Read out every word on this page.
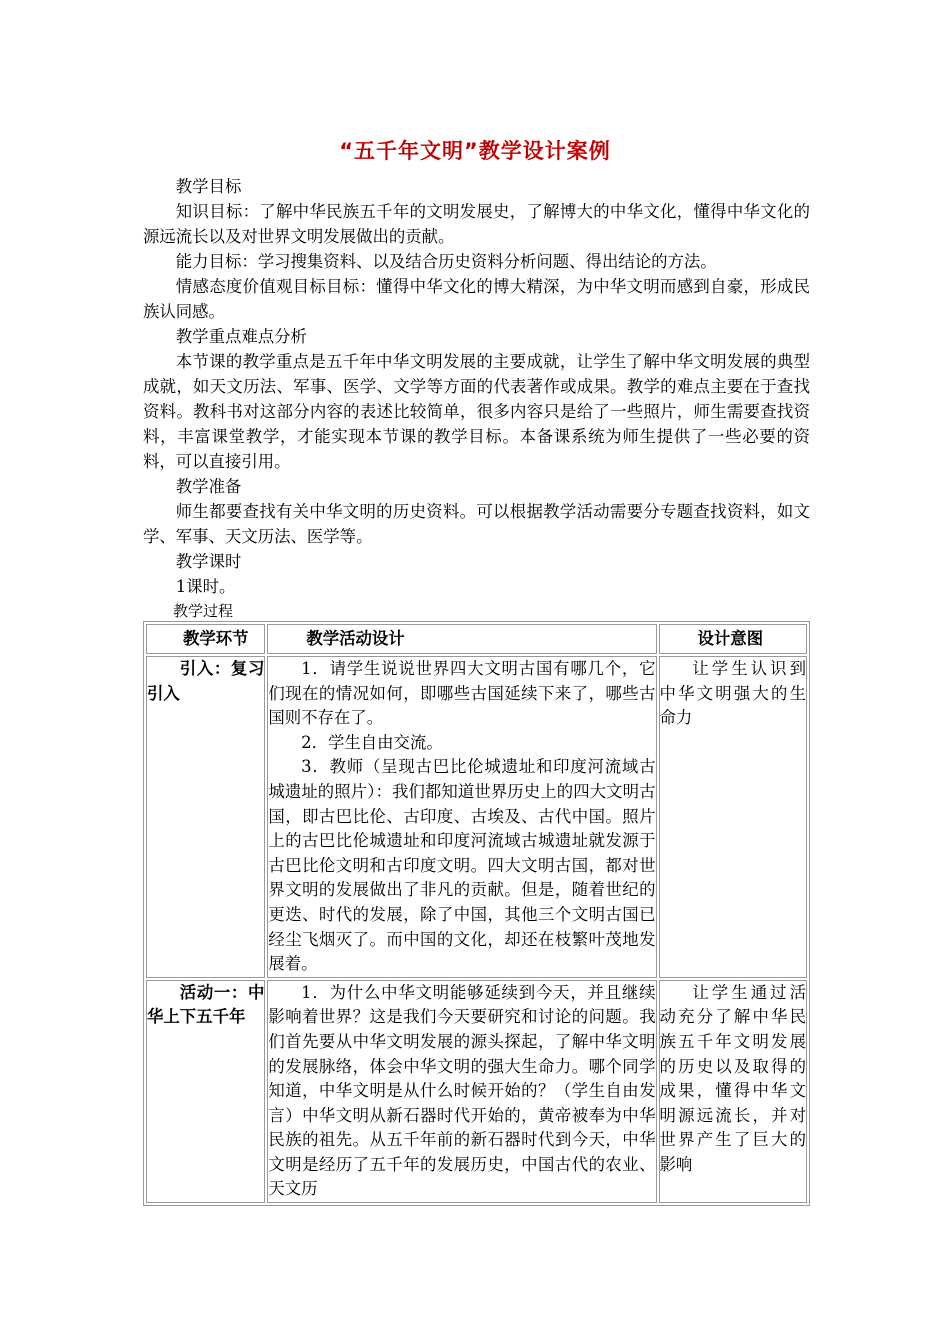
“五千年文明”教学设计案例

教学目标

知识目标：了解中华民族五千年的文明发展史，了解博大的中华文化，懂得中华文化的源远流长以及对世界文明发展做出的贡献。

能力目标：学习搜集资料、以及结合历史资料分析问题、得出结论的方法。

情感态度价值观目标目标：懂得中华文化的博大精深，为中华文明而感到自豪，形成民族认同感。

教学重点难点分析

本节课的教学重点是五千年中华文明发展的主要成就，让学生了解中华文明发展的典型成就，如天文历法、军事、医学、文学等方面的代表著作或成果。教学的难点主要在于查找资料。教科书对这部分内容的表述比较简单，很多内容只是给了一些照片，师生需要查找资料，丰富课堂教学，才能实现本节课的教学目标。本备课系统为师生提供了一些必要的资料，可以直接引用。

教学准备

师生都要查找有关中华文明的历史资料。可以根据教学活动需要分专题查找资料，如文学、军事、天文历法、医学等。

教学课时

1课时。

教学过程

教学环节	教学活动设计	设计意图

引入：复习引入	1．请学生说说世界四大文明古国有哪几个，它们现在的情况如何，即哪些古国延续下来了，哪些古国则不存在了。

2．学生自由交流。

3．教师（呈现古巴比伦城遗址和印度河流域古城遗址的照片）：我们都知道世界历史上的四大文明古国，即古巴比伦、古印度、古埃及、古代中国。照片上的古巴比伦城遗址和印度河流域古城遗址就发源于古巴比伦文明和古印度文明。四大文明古国，都对世界文明的发展做出了非凡的贡献。但是，随着世纪的更迭、时代的发展，除了中国，其他三个文明古国已经尘飞烟灭了。而中国的文化，却还在枝繁叶茂地发展着。	让学生认识到中华文明强大的生命力

活动一：中华上下五千年	1．为什么中华文明能够延续到今天，并且继续影响着世界？这是我们今天要研究和讨论的问题。我们首先要从中华文明发展的源头探起，了解中华文明的发展脉络，体会中华文明的强大生命力。哪个同学知道，中华文明是从什么时候开始的？（学生自由发言）中华文明从新石器时代开始的，黄帝被奉为中华民族的祖先。从五千年前的新石器时代到今天，中华文明是经历了五千年的发展历史，中国古代的农业、天文历	让学生通过活动充分了解中华民族五千年文明发展的历史以及取得的成果，懂得中华文明源远流长，并对世界产生了巨大的影响
